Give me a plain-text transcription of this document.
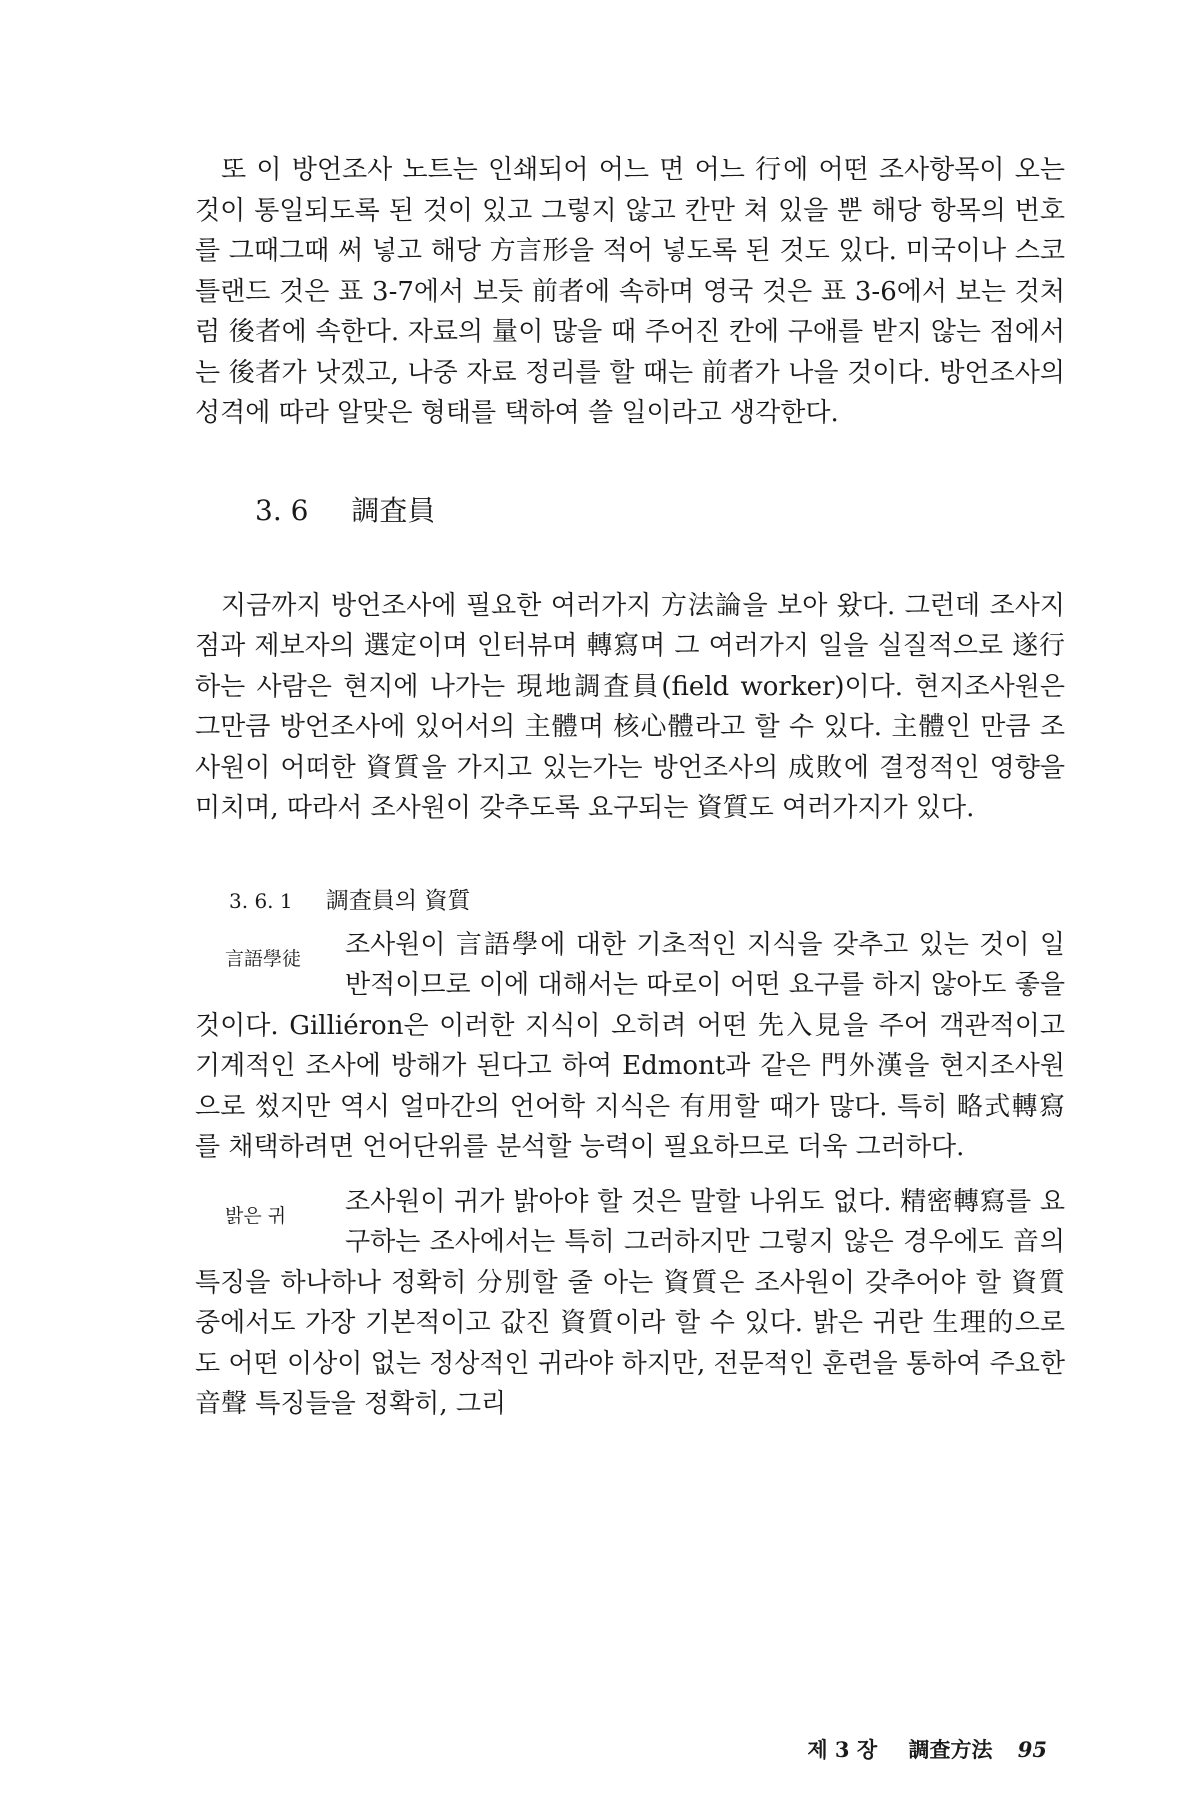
또 이 방언조사 노트는 인쇄되어 어느 면 어느 行에 어떤 조사항목이 오는 것이 통일되도록 된 것이 있고 그렇지 않고 칸만 쳐 있을 뿐 해당 항목의 번호를 그때그때 써 넣고 해당 方言形을 적어 넣도록 된 것도 있다. 미국이나 스코틀랜드 것은 표 3-7에서 보듯 前者에 속하며 영국 것은 표 3-6에서 보는 것처럼 後者에 속한다. 자료의 量이 많을 때 주어진 칸에 구애를 받지 않는 점에서는 後者가 낫겠고, 나중 자료 정리를 할 때는 前者가 나을 것이다. 방언조사의 성격에 따라 알맞은 형태를 택하여 쓸 일이라고 생각한다.

3. 6 調査員

지금까지 방언조사에 필요한 여러가지 方法論을 보아 왔다. 그런데 조사지점과 제보자의 選定이며 인터뷰며 轉寫며 그 여러가지 일을 실질적으로 遂行하는 사람은 현지에 나가는 現地調査員(field worker)이다. 현지조사원은 그만큼 방언조사에 있어서의 主體며 核心體라고 할 수 있다. 主體인 만큼 조사원이 어떠한 資質을 가지고 있는가는 방언조사의 成敗에 결정적인 영향을 미치며, 따라서 조사원이 갖추도록 요구되는 資質도 여러가지가 있다.

3. 6. 1 調査員의 資質
言語學徒	조사원이 言語學에 대한 기초적인 지식을 갖추고 있는 것이 일반적이므로 이에 대해서는 따로이 어떤 요구를 하지 않아도 좋을 것이다. Gilliéron은 이러한 지식이 오히려 어떤 先入見을 주어 객관적이고 기계적인 조사에 방해가 된다고 하여 Edmont과 같은 門外漢을 현지조사원으로 썼지만 역시 얼마간의 언어학 지식은 有用할 때가 많다. 특히 略式轉寫를 채택하려면 언어단위를 분석할 능력이 필요하므로 더욱 그러하다.

밝은 귀	조사원이 귀가 밝아야 할 것은 말할 나위도 없다. 精密轉寫를 요구하는 조사에서는 특히 그러하지만 그렇지 않은 경우에도 音의 특징을 하나하나 정확히 分別할 줄 아는 資質은 조사원이 갖추어야 할 資質 중에서도 가장 기본적이고 값진 資質이라 할 수 있다. 밝은 귀란 生理的으로도 어떤 이상이 없는 정상적인 귀라야 하지만, 전문적인 훈련을 통하여 주요한 音聲 특징들을 정확히, 그리

제 3 장 調査方法 95
